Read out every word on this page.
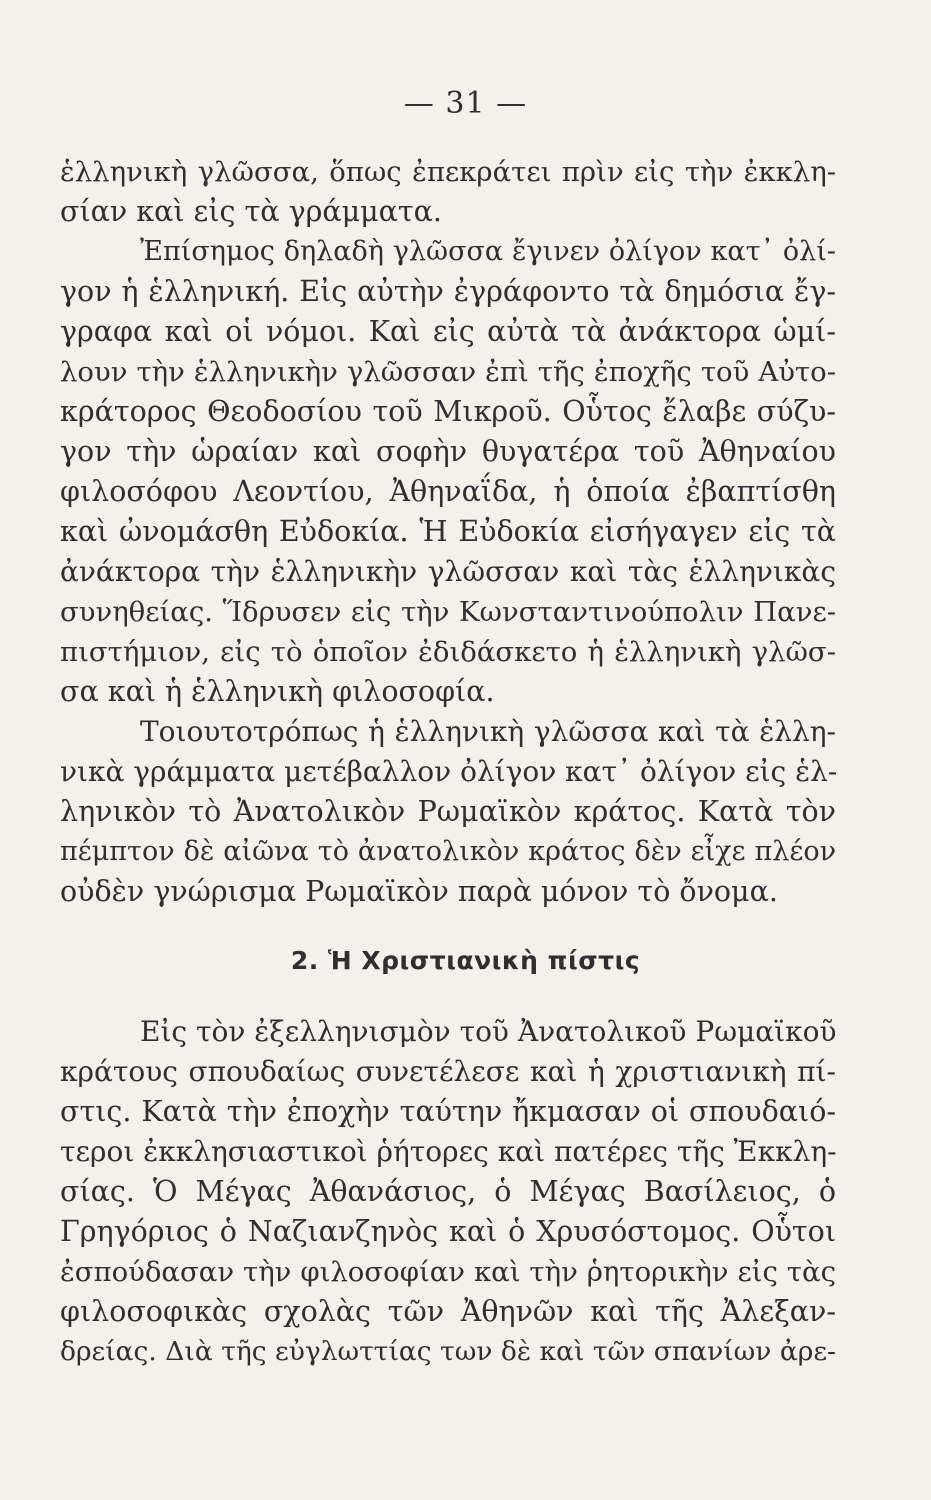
— 31 —
ἑλληνικὴ γλῶσσα, ὅπως ἐπεκράτει πρὶν εἰς τὴν ἐκκλη-
σίαν καὶ εἰς τὰ γράμματα.
Ἐπίσημος δηλαδὴ γλῶσσα ἔγινεν ὀλίγον κατ᾽ ὀλί-
γον ἡ ἑλληνική. Εἰς αὐτὴν ἐγράφοντο τὰ δημόσια ἔγ-
γραφα καὶ οἱ νόμοι. Καὶ εἰς αὐτὰ τὰ ἀνάκτορα ὡμί-
λουν τὴν ἑλληνικὴν γλῶσσαν ἐπὶ τῆς ἐποχῆς τοῦ Αὐτο-
κράτορος Θεοδοσίου τοῦ Μικροῦ. Οὗτος ἔλαβε σύζυ-
γον τὴν ὡραίαν καὶ σοφὴν θυγατέρα τοῦ Ἀθηναίου
φιλοσόφου Λεοντίου, Ἀθηναΐδα, ἡ ὁποία ἐβαπτίσθη
καὶ ὠνομάσθη Εὐδοκία. Ἡ Εὐδοκία εἰσήγαγεν εἰς τὰ
ἀνάκτορα τὴν ἑλληνικὴν γλῶσσαν καὶ τὰς ἑλληνικὰς
συνηθείας. Ἵδρυσεν εἰς τὴν Κωνσταντινούπολιν Πανε-
πιστήμιον, εἰς τὸ ὁποῖον ἐδιδάσκετο ἡ ἑλληνικὴ γλῶσ-
σα καὶ ἡ ἑλληνικὴ φιλοσοφία.
Τοιουτοτρόπως ἡ ἑλληνικὴ γλῶσσα καὶ τὰ ἑλλη-
νικὰ γράμματα μετέβαλλον ὀλίγον κατ᾽ ὀλίγον εἰς ἑλ-
ληνικὸν τὸ Ἀνατολικὸν Ρωμαϊκὸν κράτος. Κατὰ τὸν
πέμπτον δὲ αἰῶνα τὸ ἀνατολικὸν κράτος δὲν εἶχε πλέον
οὐδὲν γνώρισμα Ρωμαϊκὸν παρὰ μόνον τὸ ὄνομα.
2. Ἡ Χριστιανικὴ πίστις
Εἰς τὸν ἐξελληνισμὸν τοῦ Ἀνατολικοῦ Ρωμαϊκοῦ
κράτους σπουδαίως συνετέλεσε καὶ ἡ χριστιανικὴ πί-
στις. Κατὰ τὴν ἐποχὴν ταύτην ἤκμασαν οἱ σπουδαιό-
τεροι ἐκκλησιαστικοὶ ῥήτορες καὶ πατέρες τῆς Ἐκκλη-
σίας. Ὁ Μέγας Ἀθανάσιος, ὁ Μέγας Βασίλειος, ὁ
Γρηγόριος ὁ Ναζιανζηνὸς καὶ ὁ Χρυσόστομος. Οὗτοι
ἐσπούδασαν τὴν φιλοσοφίαν καὶ τὴν ῥητορικὴν εἰς τὰς
φιλοσοφικὰς σχολὰς τῶν Ἀθηνῶν καὶ τῆς Ἀλεξαν-
δρείας. Διὰ τῆς εὐγλωττίας των δὲ καὶ τῶν σπανίων ἀρε-
